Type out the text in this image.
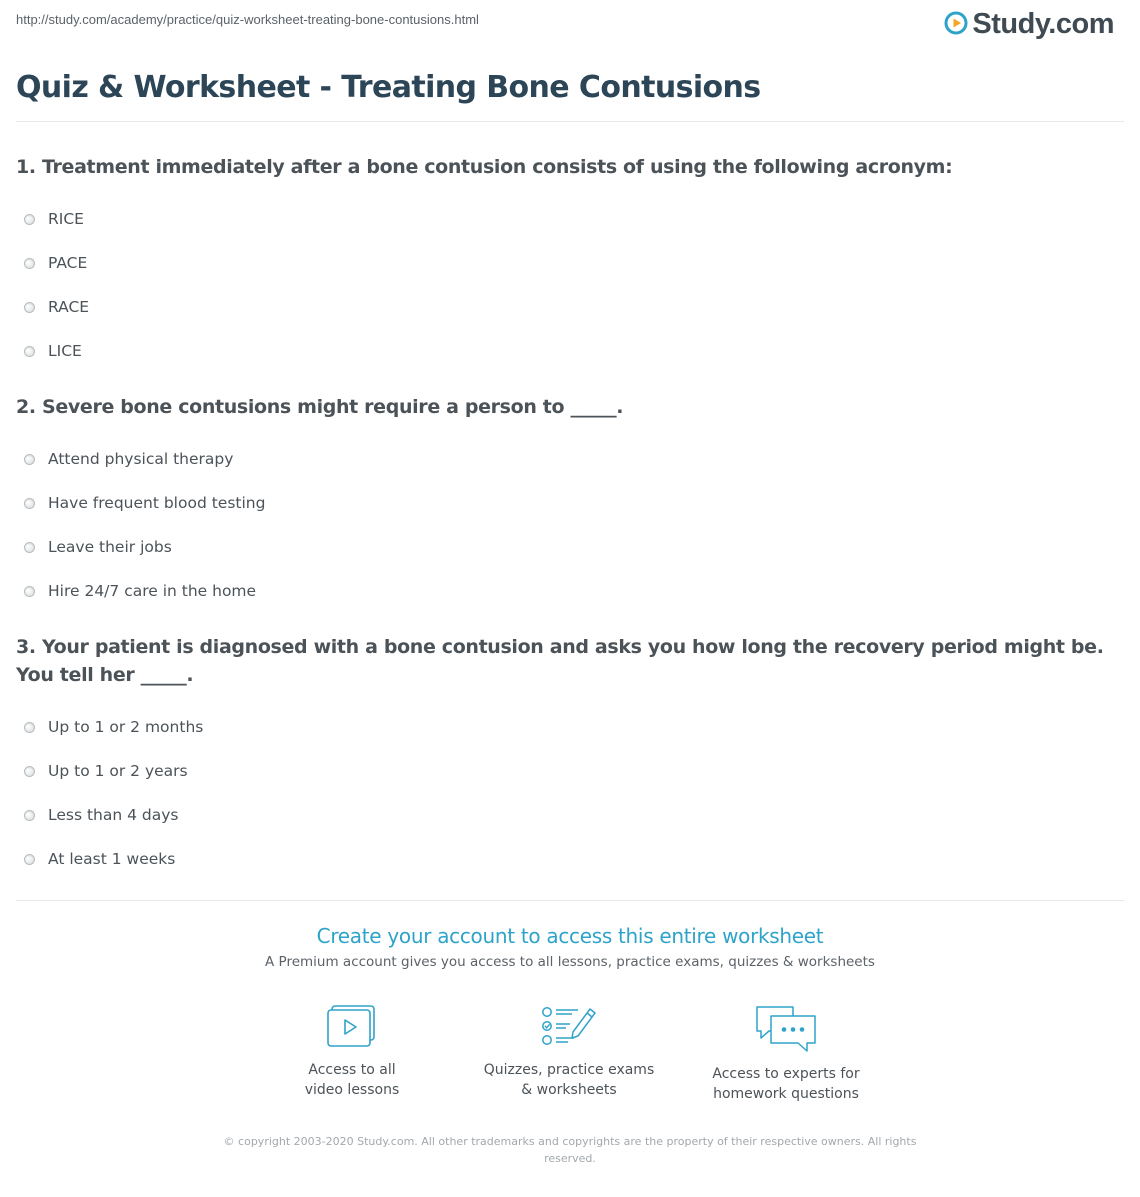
http://study.com/academy/practice/quiz-worksheet-treating-bone-contusions.html	Study.com
Quiz & Worksheet - Treating Bone Contusions

1. Treatment immediately after a bone contusion consists of using the following acronym:

RICE
PACE
RACE
LICE

2. Severe bone contusions might require a person to _____.

Attend physical therapy
Have frequent blood testing
Leave their jobs
Hire 24/7 care in the home

3. Your patient is diagnosed with a bone contusion and asks you how long the recovery period might be. You tell her _____.

Up to 1 or 2 months
Up to 1 or 2 years
Less than 4 days
At least 1 weeks
Create your account to access this entire worksheet
A Premium account gives you access to all lessons, practice exams, quizzes & worksheets
Access to all
video lessons
Quizzes, practice exams
& worksheets
Access to experts for
homework questions
© copyright 2003-2020 Study.com. All other trademarks and copyrights are the property of their respective owners. All rights
reserved.
